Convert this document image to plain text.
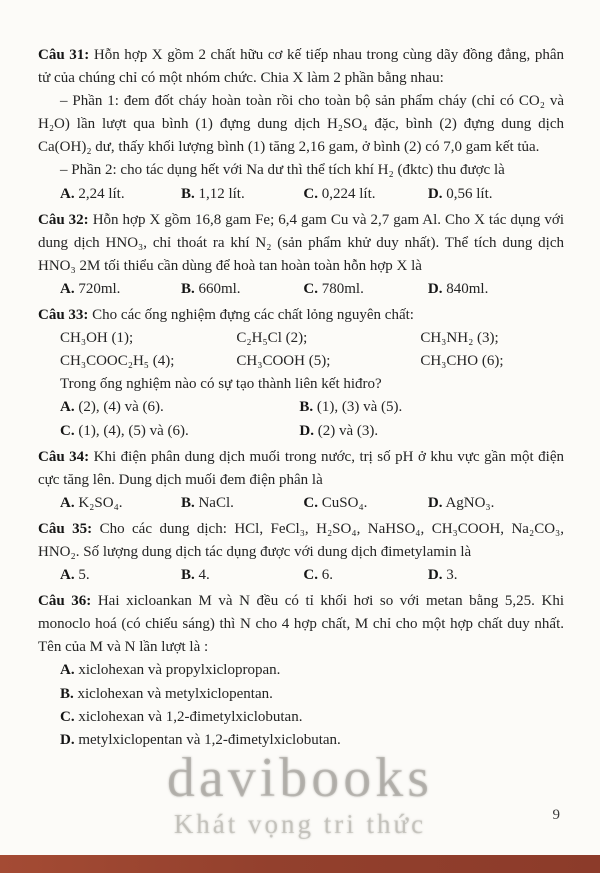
Câu 31: Hỗn hợp X gồm 2 chất hữu cơ kế tiếp nhau trong cùng dãy đồng đẳng, phân tử của chúng chỉ có một nhóm chức. Chia X làm 2 phần bằng nhau:

– Phần 1: đem đốt cháy hoàn toàn rồi cho toàn bộ sản phẩm cháy (chỉ có CO₂ và H₂O) lần lượt qua bình (1) đựng dung dịch H₂SO₄ đặc, bình (2) đựng dung dịch Ca(OH)₂ dư, thấy khối lượng bình (1) tăng 2,16 gam, ở bình (2) có 7,0 gam kết tủa.

– Phần 2: cho tác dụng hết với Na dư thì thể tích khí H₂ (đktc) thu được là

A. 2,24 lít.	B. 1,12 lít.	C. 0,224 lít.	D. 0,56 lít.

Câu 32: Hỗn hợp X gồm 16,8 gam Fe; 6,4 gam Cu và 2,7 gam Al. Cho X tác dụng với dung dịch HNO₃, chỉ thoát ra khí N₂ (sản phẩm khử duy nhất). Thể tích dung dịch HNO₃ 2M tối thiểu cần dùng để hoà tan hoàn toàn hỗn hợp X là

A. 720ml.	B. 660ml.	C. 780ml.	D. 840ml.

Câu 33: Cho các ống nghiệm đựng các chất lỏng nguyên chất:

CH₃OH (1);	C₂H₅Cl (2);	CH₃NH₂ (3);
CH₃COOC₂H₅ (4);	CH₃COOH (5);	CH₃CHO (6);

Trong ống nghiệm nào có sự tạo thành liên kết hiđro?

A. (2), (4) và (6).	B. (1), (3) và (5).
C. (1), (4), (5) và (6).	D. (2) và (3).

Câu 34: Khi điện phân dung dịch muối trong nước, trị số pH ở khu vực gần một điện cực tăng lên. Dung dịch muối đem điện phân là

A. K₂SO₄.	B. NaCl.	C. CuSO₄.	D. AgNO₃.

Câu 35: Cho các dung dịch: HCl, FeCl₃, H₂SO₄, NaHSO₄, CH₃COOH, Na₂CO₃, HNO₂. Số lượng dung dịch tác dụng được với dung dịch đimetylamin là

A. 5.	B. 4.	C. 6.	D. 3.

Câu 36: Hai xicloankan M và N đều có tỉ khối hơi so với metan bằng 5,25. Khi monoclo hoá (có chiếu sáng) thì N cho 4 hợp chất, M chỉ cho một hợp chất duy nhất. Tên của M và N lần lượt là :

A. xiclohexan và propylxiclopropan.
B. xiclohexan và metylxiclopentan.
C. xiclohexan và 1,2-đimetylxiclobutan.
D. metylxiclopentan và 1,2-đimetylxiclobutan.
davibooks
Khát vọng tri thức	9
